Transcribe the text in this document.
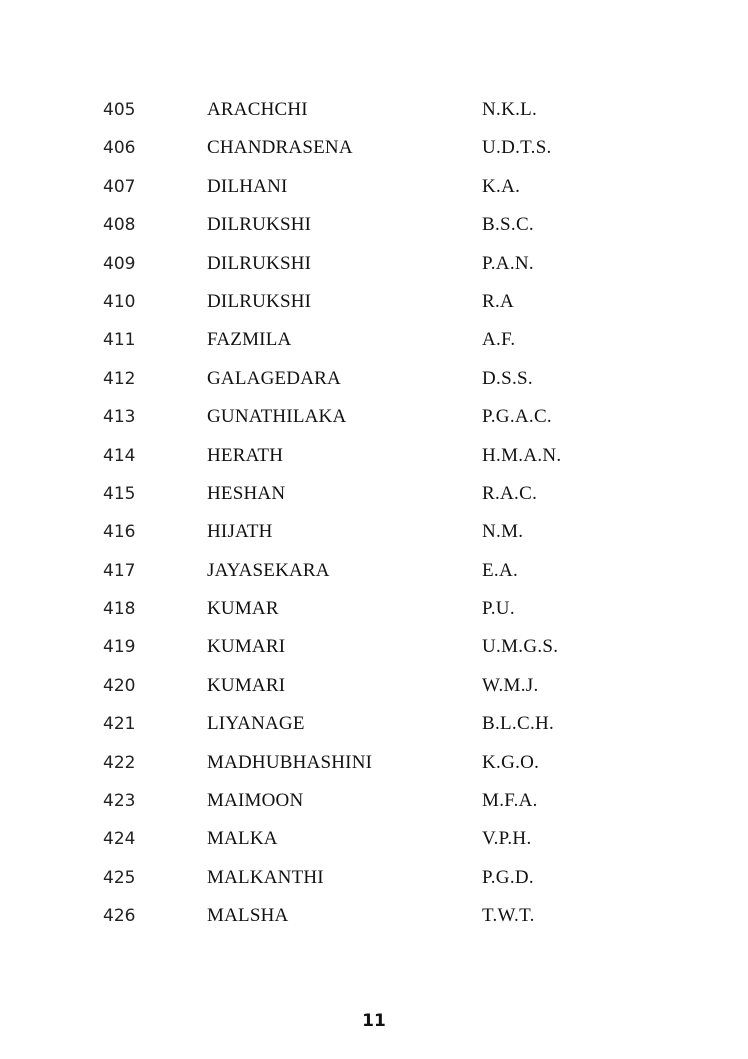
405	ARACHCHI	N.K.L.
406	CHANDRASENA	U.D.T.S.
407	DILHANI	K.A.
408	DILRUKSHI	B.S.C.
409	DILRUKSHI	P.A.N.
410	DILRUKSHI	R.A
411	FAZMILA	A.F.
412	GALAGEDARA	D.S.S.
413	GUNATHILAKA	P.G.A.C.
414	HERATH	H.M.A.N.
415	HESHAN	R.A.C.
416	HIJATH	N.M.
417	JAYASEKARA	E.A.
418	KUMAR	P.U.
419	KUMARI	U.M.G.S.
420	KUMARI	W.M.J.
421	LIYANAGE	B.L.C.H.
422	MADHUBHASHINI	K.G.O.
423	MAIMOON	M.F.A.
424	MALKA	V.P.H.
425	MALKANTHI	P.G.D.
426	MALSHA	T.W.T.
11
